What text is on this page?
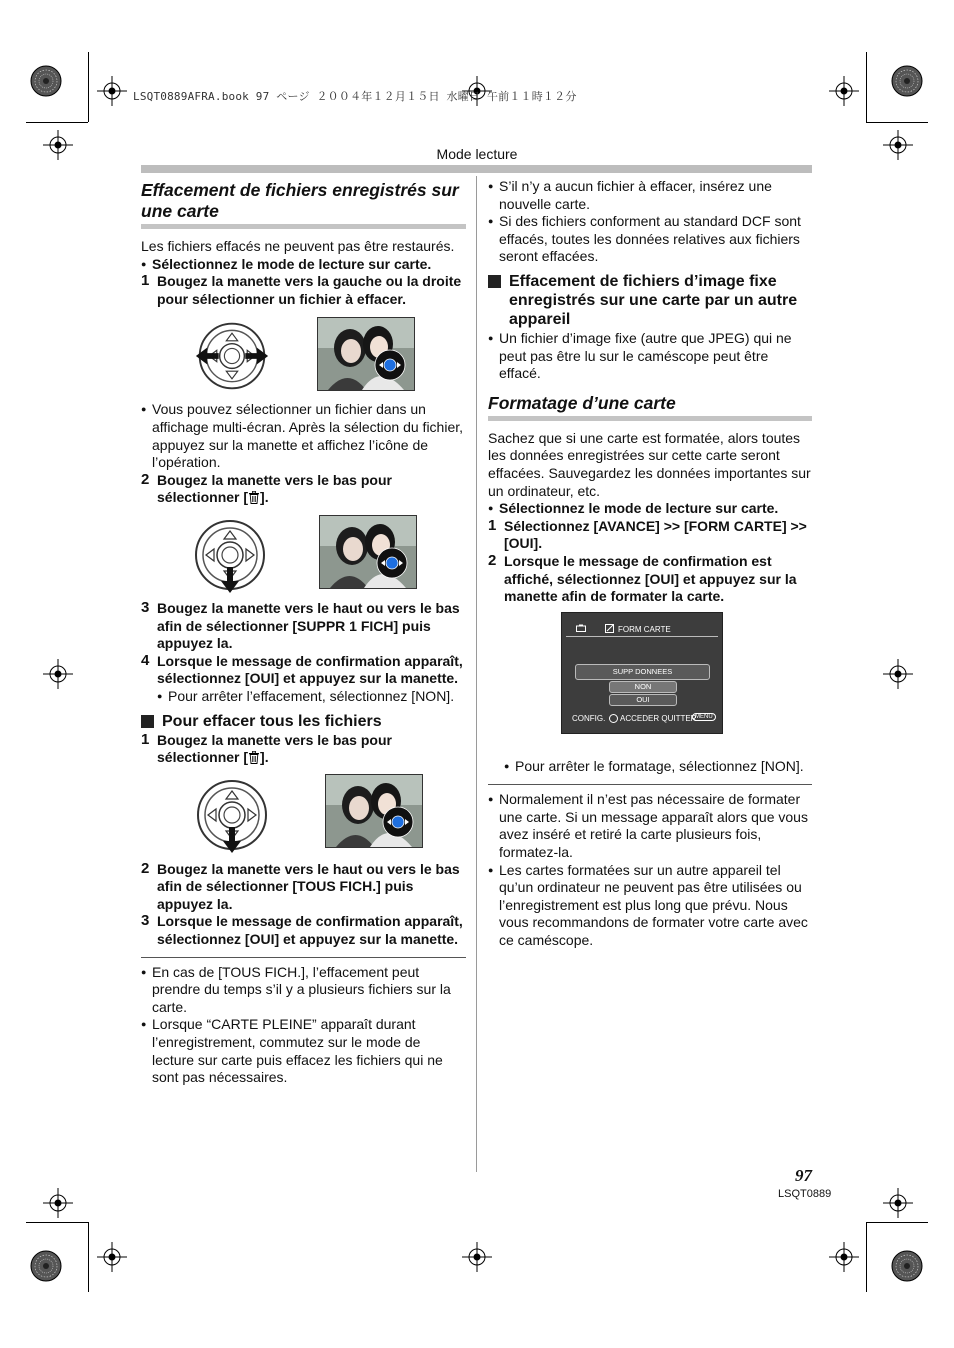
LSQT0889AFRA.book 97 ページ ２００４年１２月１５日 水曜日 午前１１時１２分
Mode lecture
Effacement de fichiers enregistrés sur une carte

Les fichiers effacés ne peuvent pas être restaurés.

● Sélectionnez le mode de lecture sur carte.

1 Bougez la manette vers la gauche ou la droite pour sélectionner un fichier à effacer.

● Vous pouvez sélectionner un fichier dans un affichage multi-écran. Après la sélection du fichier, appuyez sur la manette et affichez l’icône de l’opération.

2 Bougez la manette vers le bas pour sélectionner [ ].

3 Bougez la manette vers le haut ou vers le bas afin de sélectionner [SUPPR 1 FICH] puis appuyez la.

4 Lorsque le message de confirmation apparaît, sélectionnez [OUI] et appuyez sur la manette.

● Pour arrêter l’effacement, sélectionnez [NON].

Pour effacer tous les fichiers

1 Bougez la manette vers le bas pour sélectionner [ ].

2 Bougez la manette vers le haut ou vers le bas afin de sélectionner [TOUS FICH.] puis appuyez la.

3 Lorsque le message de confirmation apparaît, sélectionnez [OUI] et appuyez sur la manette.

● En cas de [TOUS FICH.], l’effacement peut prendre du temps s’il y a plusieurs fichiers sur la carte.

● Lorsque “CARTE PLEINE” apparaît durant l’enregistrement, commutez sur le mode de lecture sur carte puis effacez les fichiers qui ne sont pas nécessaires.

● S’il n’y a aucun fichier à effacer, insérez une nouvelle carte.

● Si des fichiers conforment au standard DCF sont effacés, toutes les données relatives aux fichiers seront effacées.

Effacement de fichiers d’image fixe enregistrés sur une carte par un autre appareil

● Un fichier d’image fixe (autre que JPEG) qui ne peut pas être lu sur le caméscope peut être effacé.

Formatage d’une carte

Sachez que si une carte est formatée, alors toutes les données enregistrées sur cette carte seront effacées. Sauvegardez les données importantes sur un ordinateur, etc.

● Sélectionnez le mode de lecture sur carte.

1 Sélectionnez [AVANCE] >> [FORM CARTE] >> [OUI].

2 Lorsque le message de confirmation est affiché, sélectionnez [OUI] et appuyez sur la manette afin de formater la carte.

● Pour arrêter le formatage, sélectionnez [NON].

● Normalement il n’est pas nécessaire de formater une carte. Si un message apparaît alors que vous avez inséré et retiré la carte plusieurs fois, formatez-la.

● Les cartes formatées sur un autre appareil tel qu’un ordinateur ne peuvent pas être utilisées ou l’enregistrement est plus long que prévu. Nous vous recommandons de formater votre carte avec ce caméscope.

FORM CARTE
SUPP DONNEES
NON
OUI
CONFIG. ACCEDER QUITTER
MENU
97
LSQT0889
